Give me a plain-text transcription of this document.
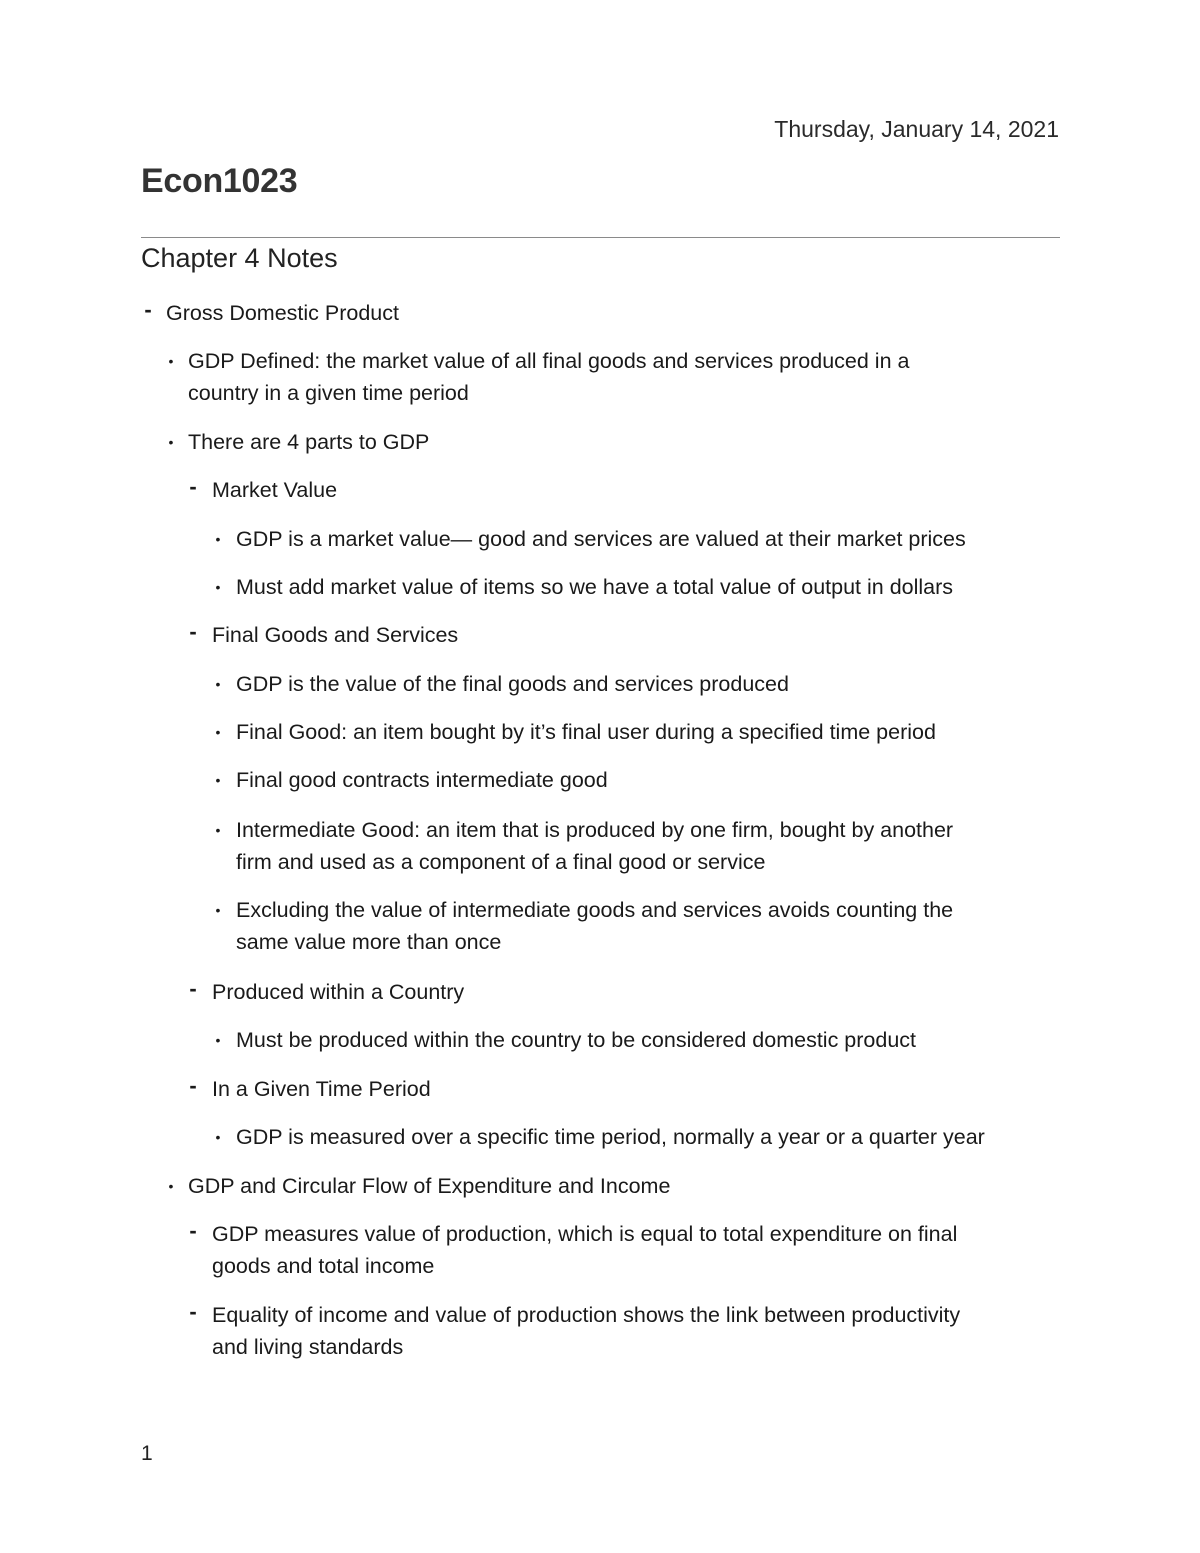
Thursday, January 14, 2021
Econ1023
Chapter 4 Notes
- Gross Domestic Product
• GDP Defined: the market value of all final goods and services produced in a
country in a given time period
• There are 4 parts to GDP
- Market Value
• GDP is a market value— good and services are valued at their market prices
• Must add market value of items so we have a total value of output in dollars
- Final Goods and Services
• GDP is the value of the final goods and services produced
• Final Good: an item bought by it’s final user during a specified time period
• Final good contracts intermediate good
• Intermediate Good: an item that is produced by one firm, bought by another
firm and used as a component of a final good or service
• Excluding the value of intermediate goods and services avoids counting the
same value more than once
- Produced within a Country
• Must be produced within the country to be considered domestic product
- In a Given Time Period
• GDP is measured over a specific time period, normally a year or a quarter year
• GDP and Circular Flow of Expenditure and Income
- GDP measures value of production, which is equal to total expenditure on final
goods and total income
- Equality of income and value of production shows the link between productivity
and living standards
1
